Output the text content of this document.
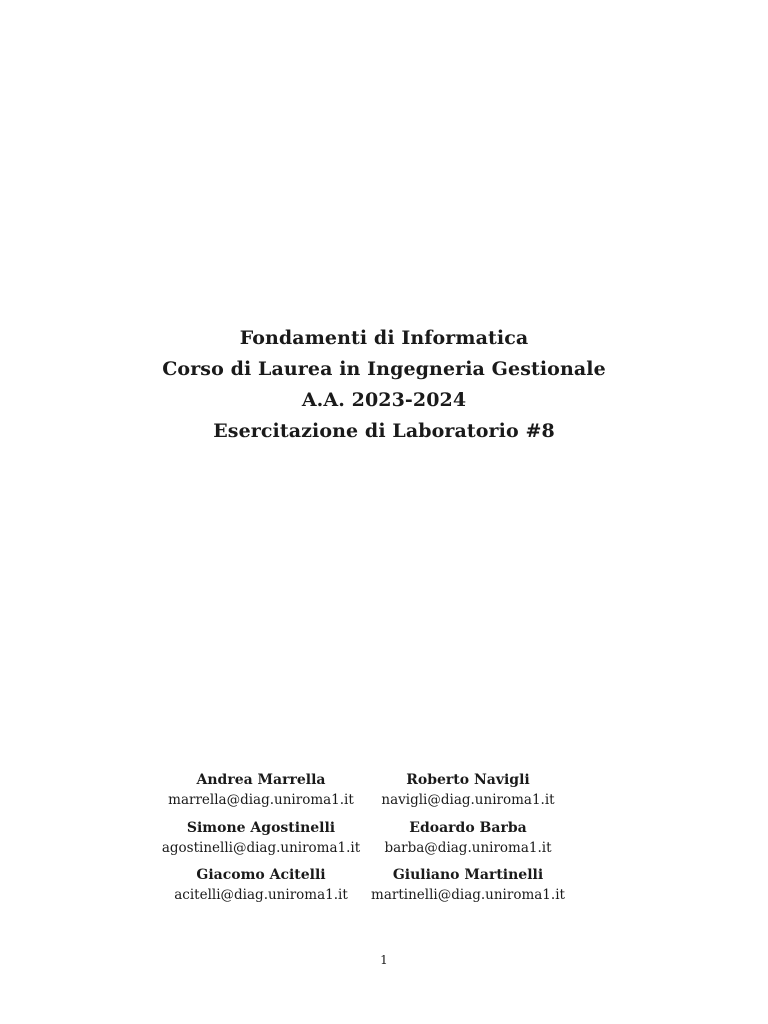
Fondamenti di Informatica
Corso di Laurea in Ingegneria Gestionale
A.A. 2023-2024
Esercitazione di Laboratorio #8
Andrea Marrella
marrella@diag.uniroma1.it
Roberto Navigli
navigli@diag.uniroma1.it
Simone Agostinelli
agostinelli@diag.uniroma1.it
Edoardo Barba
barba@diag.uniroma1.it
Giacomo Acitelli
acitelli@diag.uniroma1.it
Giuliano Martinelli
martinelli@diag.uniroma1.it
1
